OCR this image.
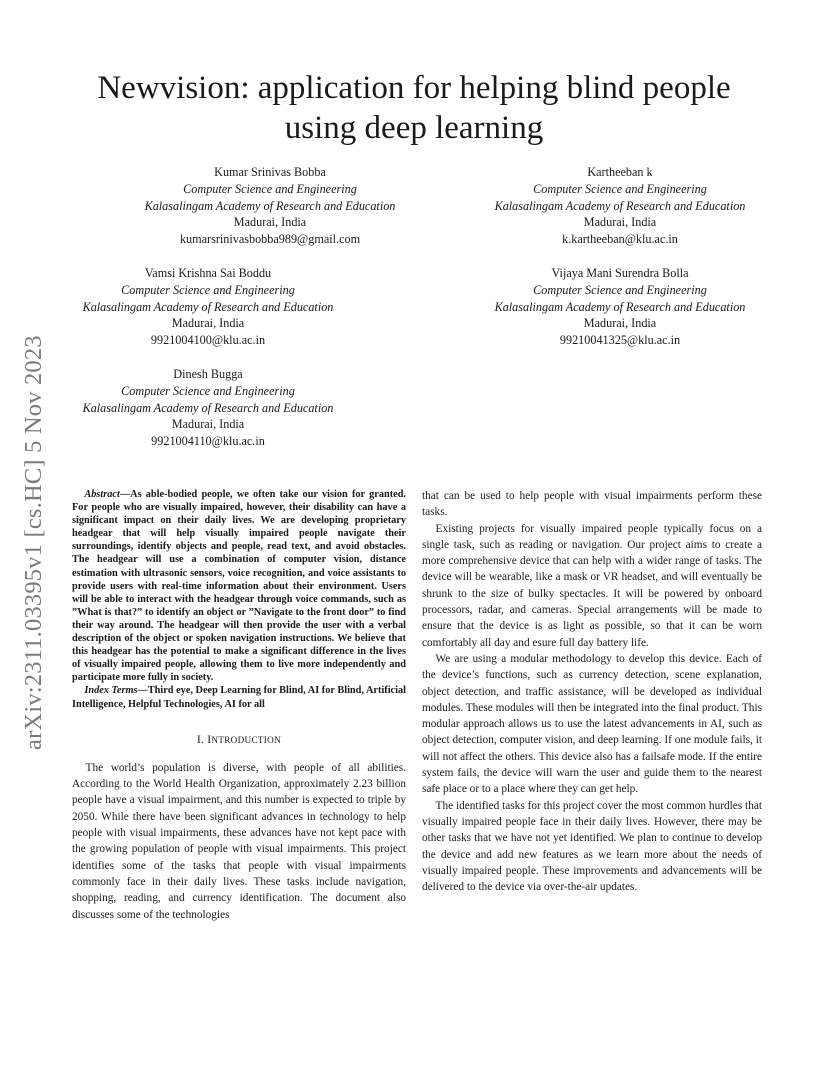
arXiv:2311.03395v1 [cs.HC] 5 Nov 2023
Newvision: application for helping blind people using deep learning
Kumar Srinivas Bobba
Computer Science and Engineering
Kalasalingam Academy of Research and Education
Madurai, India
kumarsrinivasbobba989@gmail.com
Kartheeban k
Computer Science and Engineering
Kalasalingam Academy of Research and Education
Madurai, India
k.kartheeban@klu.ac.in
Vamsi Krishna Sai Boddu
Computer Science and Engineering
Kalasalingam Academy of Research and Education
Madurai, India
9921004100@klu.ac.in
Vijaya Mani Surendra Bolla
Computer Science and Engineering
Kalasalingam Academy of Research and Education
Madurai, India
99210041325@klu.ac.in
Dinesh Bugga
Computer Science and Engineering
Kalasalingam Academy of Research and Education
Madurai, India
9921004110@klu.ac.in

Abstract—As able-bodied people, we often take our vision for granted. For people who are visually impaired, however, their disability can have a significant impact on their daily lives. We are developing proprietary headgear that will help visually impaired people navigate their surroundings, identify objects and people, read text, and avoid obstacles. The headgear will use a combination of computer vision, distance estimation with ultrasonic sensors, voice recognition, and voice assistants to provide users with real-time information about their environment. Users will be able to interact with the headgear through voice commands, such as ”What is that?” to identify an object or ”Navigate to the front door” to find their way around. The headgear will then provide the user with a verbal description of the object or spoken navigation instructions. We believe that this headgear has the potential to make a significant difference in the lives of visually impaired people, allowing them to live more independently and participate more fully in society.

Index Terms—Third eye, Deep Learning for Blind, AI for Blind, Artificial Intelligence, Helpful Technologies, AI for all

I. INTRODUCTION

The world’s population is diverse, with people of all abilities. According to the World Health Organization, approximately 2.23 billion people have a visual impairment, and this number is expected to triple by 2050. While there have been significant advances in technology to help people with visual impairments, these advances have not kept pace with the growing population of people with visual impairments. This project identifies some of the tasks that people with visual impairments commonly face in their daily lives. These tasks include navigation, shopping, reading, and currency identification. The document also discusses some of the technologies

that can be used to help people with visual impairments perform these tasks.

Existing projects for visually impaired people typically focus on a single task, such as reading or navigation. Our project aims to create a more comprehensive device that can help with a wider range of tasks. The device will be wearable, like a mask or VR headset, and will eventually be shrunk to the size of bulky spectacles. It will be powered by onboard processors, radar, and cameras. Special arrangements will be made to ensure that the device is as light as possible, so that it can be worn comfortably all day and esure full day battery life.

We are using a modular methodology to develop this device. Each of the device’s functions, such as currency detection, scene explanation, object detection, and traffic assistance, will be developed as individual modules. These modules will then be integrated into the final product. This modular approach allows us to use the latest advancements in AI, such as object detection, computer vision, and deep learning. If one module fails, it will not affect the others. This device also has a failsafe mode. If the entire system fails, the device will warn the user and guide them to the nearest safe place or to a place where they can get help.

The identified tasks for this project cover the most common hurdles that visually impaired people face in their daily lives. However, there may be other tasks that we have not yet identified. We plan to continue to develop the device and add new features as we learn more about the needs of visually impaired people. These improvements and advancements will be delivered to the device via over-the-air updates.
